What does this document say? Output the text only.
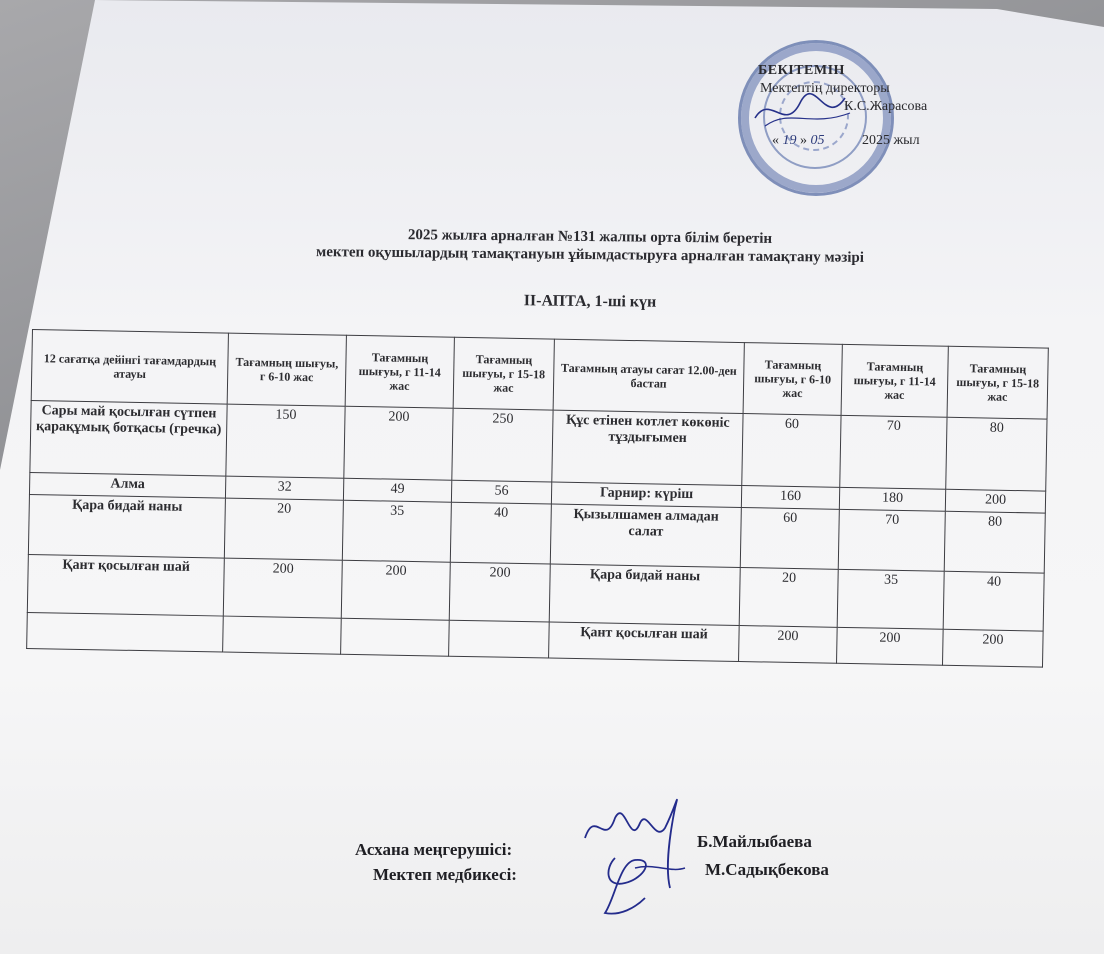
БЕКІТЕМІН
Мектептің директоры
К.С.Жарасова
« 19 » 05	2025 жыл
2025 жылға арналған №131 жалпы орта білім беретін
мектеп оқушылардың тамақтануын ұйымдастыруға арналған тамақтану мәзірі
II-АПТА, 1-ші күн
12 сағатқа дейінгі тағамдардың атауы	Тағамның шығуы, г 6-10 жас	Тағамның шығуы, г 11-14 жас	Тағамның шығуы, г 15-18 жас	Тағамның атауы сағат 12.00-ден бастап	Тағамның шығуы, г 6-10 жас	Тағамның шығуы, г 11-14 жас	Тағамның шығуы, г 15-18 жас
Сары май қосылған сүтпен қарақұмық ботқасы (гречка)	150	200	250	Құс етінен котлет көкөніс тұздығымен	60	70	80
Алма	32	49	56	Гарнир: күріш	160	180	200
Қара бидай наны	20	35	40	Қызылшамен алмадан салат	60	70	80
Қант қосылған шай	200	200	200	Қара бидай наны	20	35	40
				Қант қосылған шай	200	200	200
Асхана меңгерушісі:
Мектеп медбикесі:
Б.Майлыбаева
М.Садықбекова
